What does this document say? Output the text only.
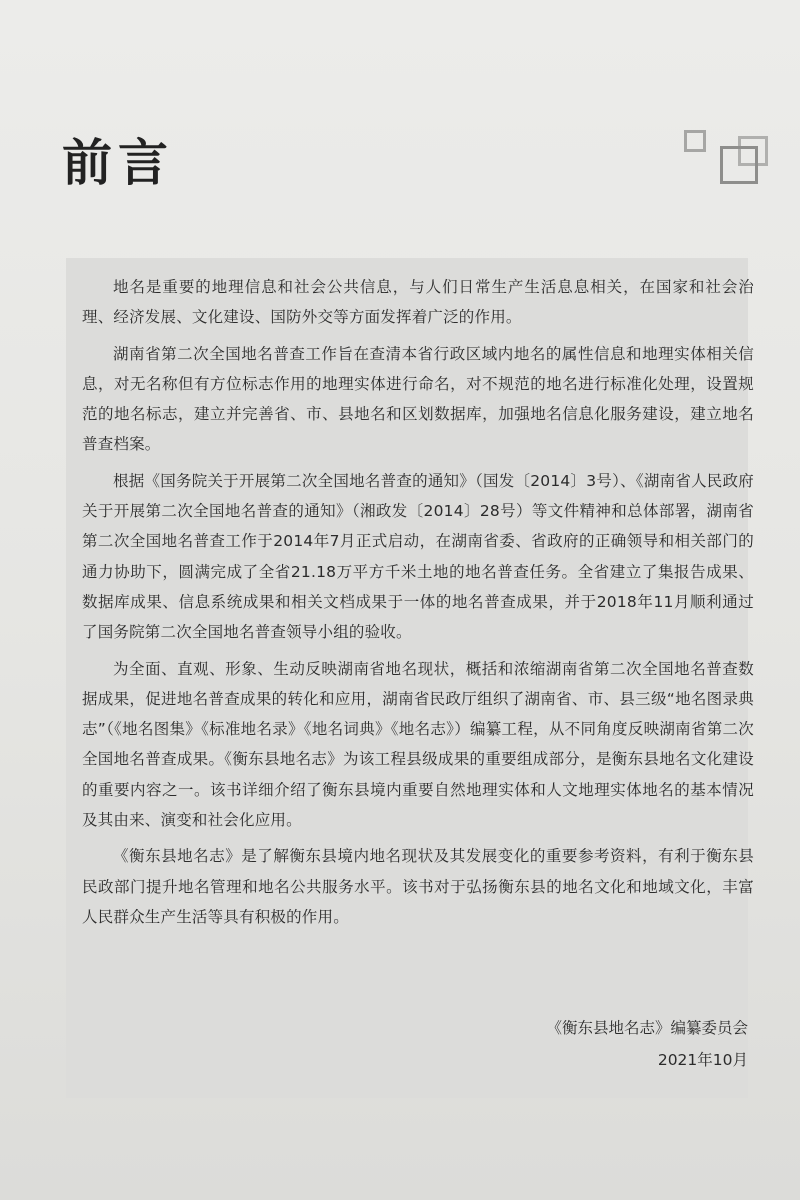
前言

地名是重要的地理信息和社会公共信息，与人们日常生产生活息息相关，在国家和社会治理、经济发展、文化建设、国防外交等方面发挥着广泛的作用。

湖南省第二次全国地名普查工作旨在查清本省行政区域内地名的属性信息和地理实体相关信息，对无名称但有方位标志作用的地理实体进行命名，对不规范的地名进行标准化处理，设置规范的地名标志，建立并完善省、市、县地名和区划数据库，加强地名信息化服务建设，建立地名普查档案。

根据《国务院关于开展第二次全国地名普查的通知》（国发〔2014〕3号）、《湖南省人民政府关于开展第二次全国地名普查的通知》（湘政发〔2014〕28号）等文件精神和总体部署，湖南省第二次全国地名普查工作于2014年7月正式启动，在湖南省委、省政府的正确领导和相关部门的通力协助下，圆满完成了全省21.18万平方千米土地的地名普查任务。全省建立了集报告成果、数据库成果、信息系统成果和相关文档成果于一体的地名普查成果，并于2018年11月顺利通过了国务院第二次全国地名普查领导小组的验收。

为全面、直观、形象、生动反映湖南省地名现状，概括和浓缩湖南省第二次全国地名普查数据成果，促进地名普查成果的转化和应用，湖南省民政厅组织了湖南省、市、县三级“地名图录典志”（《地名图集》《标准地名录》《地名词典》《地名志》）编纂工程，从不同角度反映湖南省第二次全国地名普查成果。《衡东县地名志》为该工程县级成果的重要组成部分，是衡东县地名文化建设的重要内容之一。该书详细介绍了衡东县境内重要自然地理实体和人文地理实体地名的基本情况及其由来、演变和社会化应用。

《衡东县地名志》是了解衡东县境内地名现状及其发展变化的重要参考资料，有利于衡东县民政部门提升地名管理和地名公共服务水平。该书对于弘扬衡东县的地名文化和地域文化，丰富人民群众生产生活等具有积极的作用。

《衡东县地名志》编纂委员会
2021年10月
